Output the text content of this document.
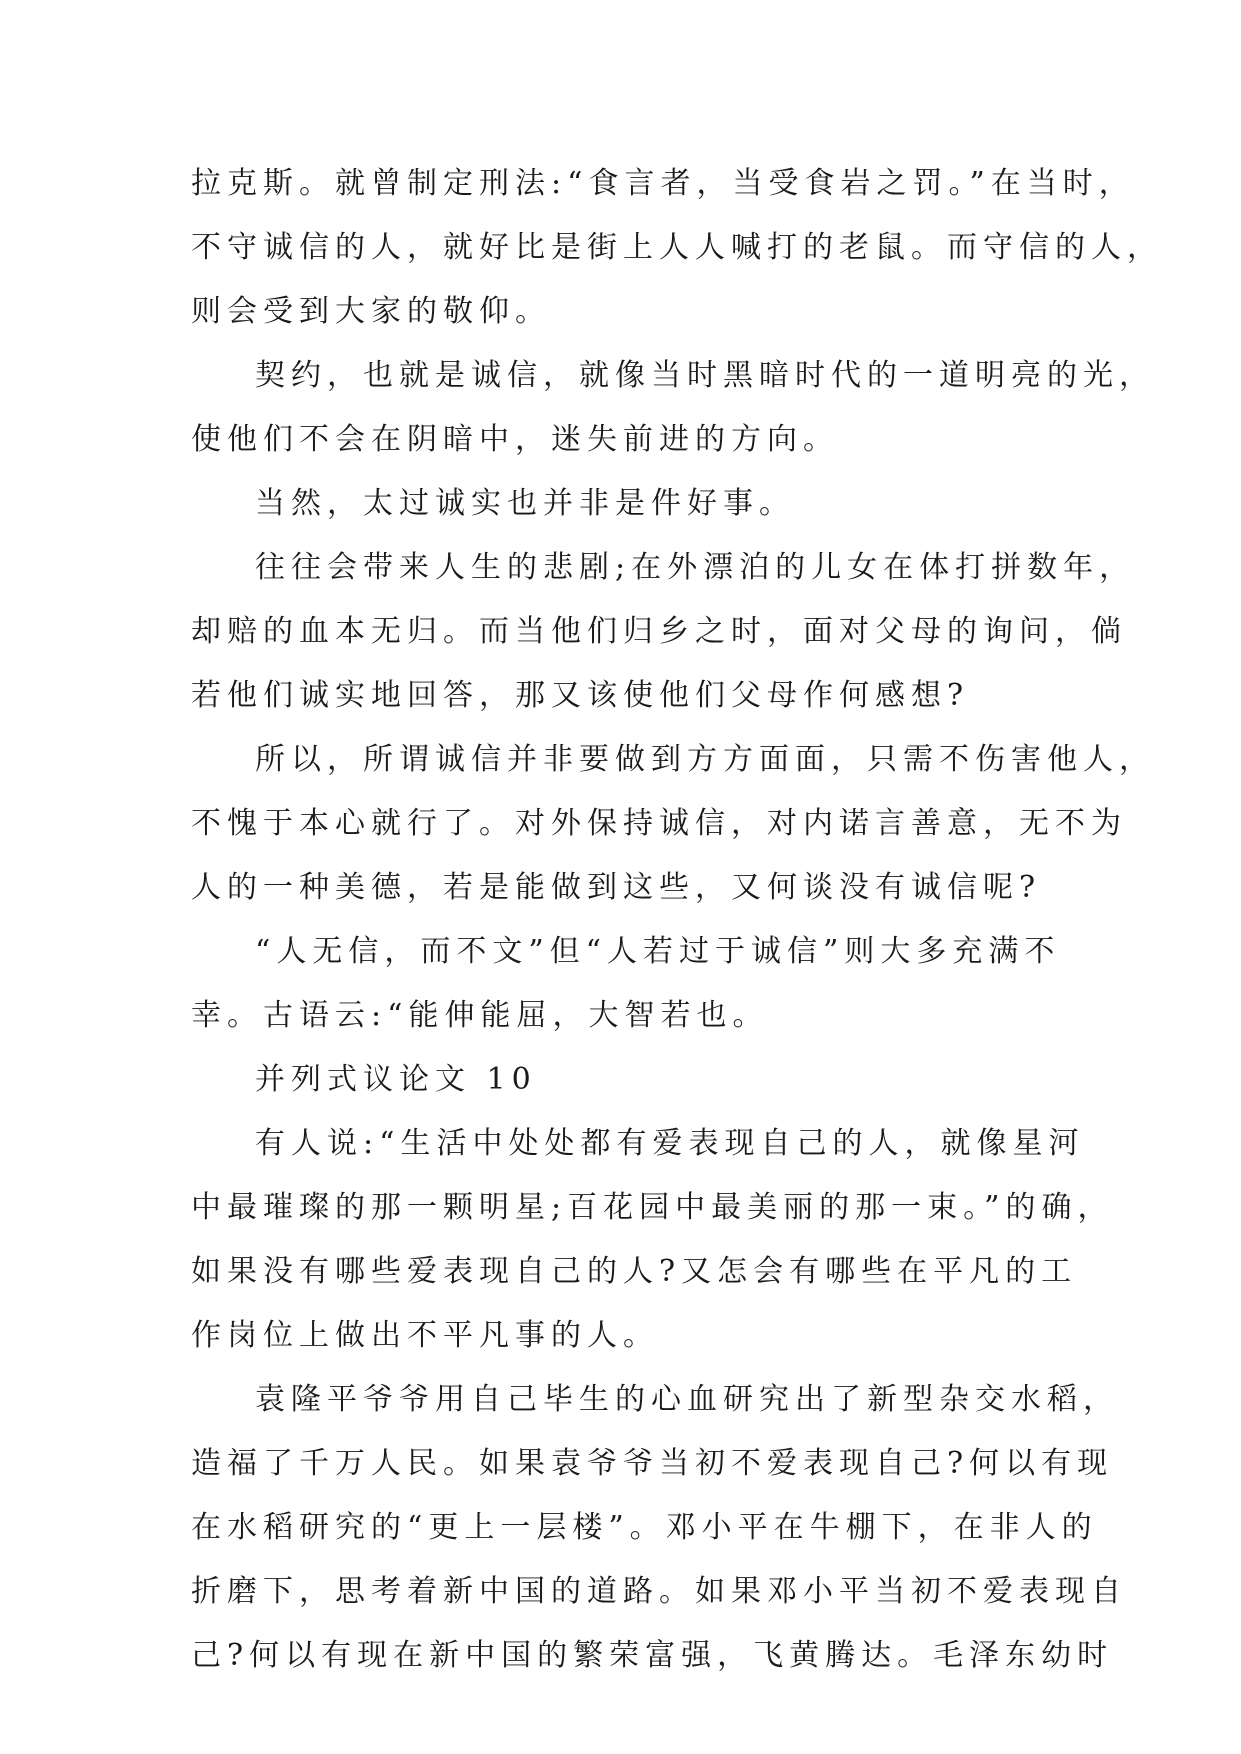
拉克斯。就曾制定刑法:“食言者，当受食岩之罚。”在当时，
不守诚信的人，就好比是街上人人喊打的老鼠。而守信的人，
则会受到大家的敬仰。
契约，也就是诚信，就像当时黑暗时代的一道明亮的光，
使他们不会在阴暗中，迷失前进的方向。
当然，太过诚实也并非是件好事。
往往会带来人生的悲剧;在外漂泊的儿女在体打拼数年，
却赔的血本无归。而当他们归乡之时，面对父母的询问，倘
若他们诚实地回答，那又该使他们父母作何感想?
所以，所谓诚信并非要做到方方面面，只需不伤害他人，
不愧于本心就行了。对外保持诚信，对内诺言善意，无不为
人的一种美德，若是能做到这些，又何谈没有诚信呢?
“人无信，而不文”但“人若过于诚信”则大多充满不
幸。古语云:“能伸能屈，大智若也。
并列式议论文 10
有人说:“生活中处处都有爱表现自己的人，就像星河
中最璀璨的那一颗明星;百花园中最美丽的那一束。”的确，
如果没有哪些爱表现自己的人?又怎会有哪些在平凡的工
作岗位上做出不平凡事的人。
袁隆平爷爷用自己毕生的心血研究出了新型杂交水稻，
造福了千万人民。如果袁爷爷当初不爱表现自己?何以有现
在水稻研究的“更上一层楼”。邓小平在牛棚下，在非人的
折磨下，思考着新中国的道路。如果邓小平当初不爱表现自
己?何以有现在新中国的繁荣富强，飞黄腾达。毛泽东幼时
